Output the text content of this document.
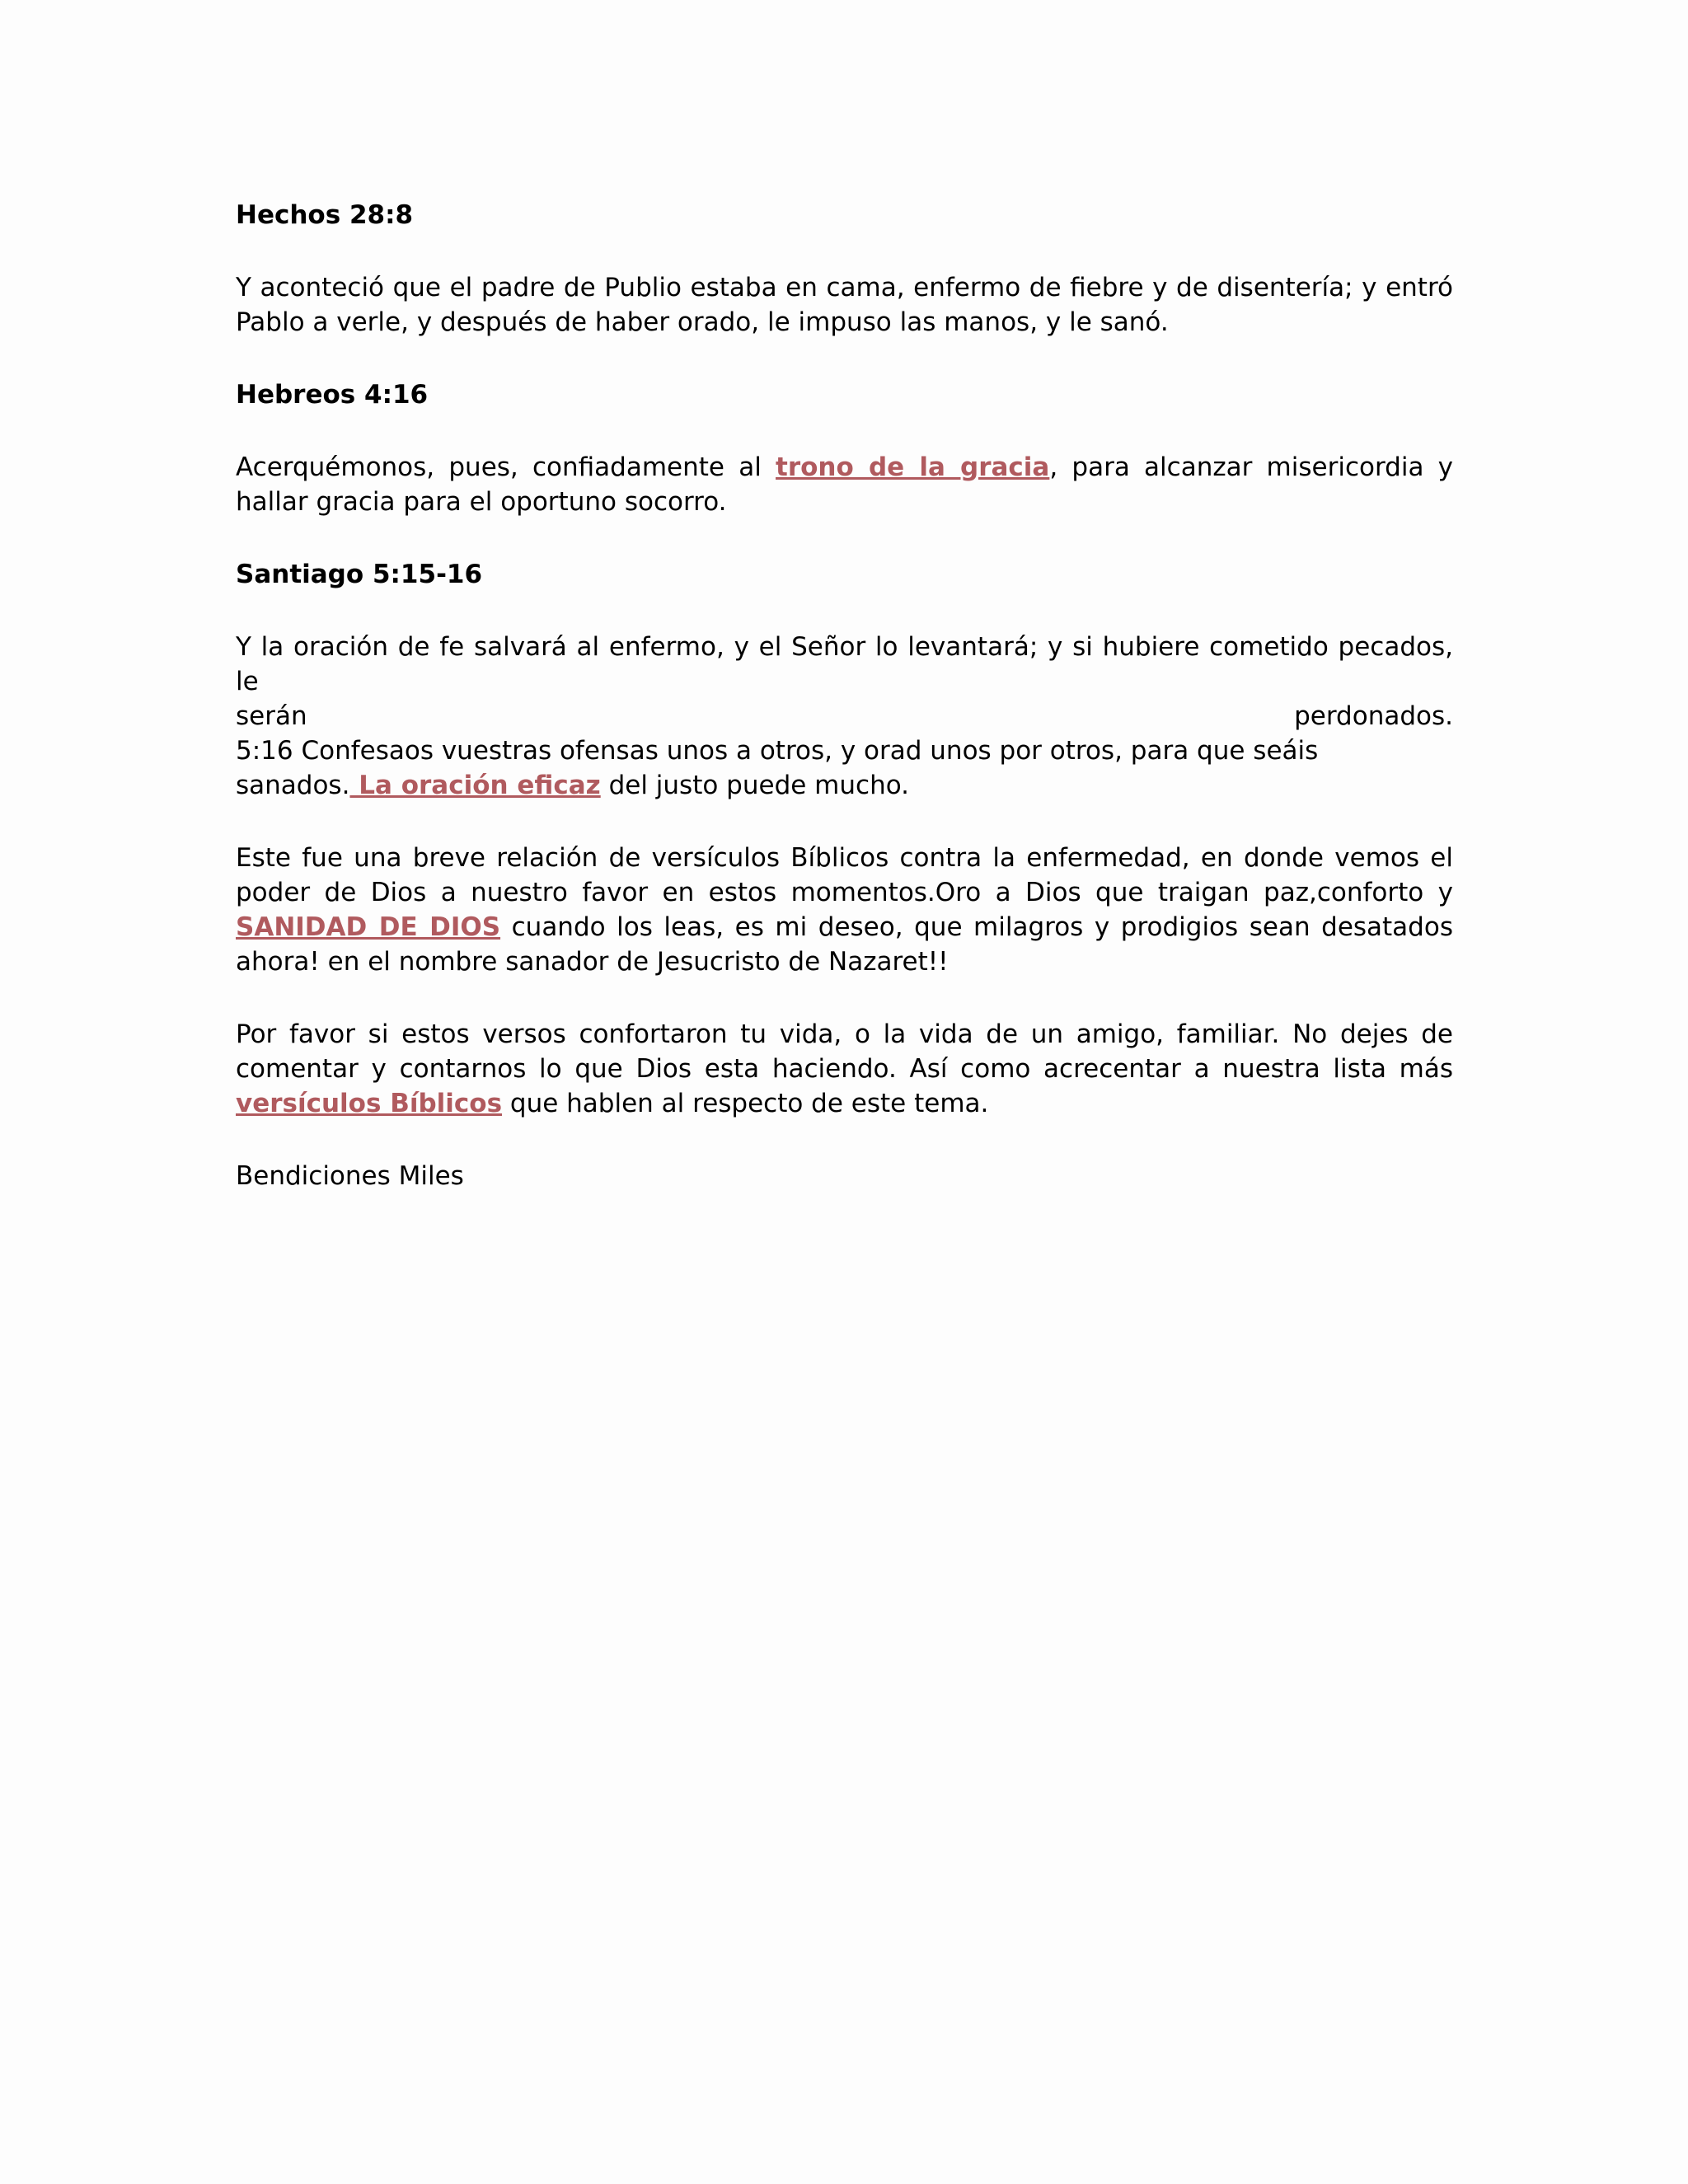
Hechos 28:8
Y aconteció que el padre de Publio estaba en cama, enfermo de fiebre y de disentería; y entró Pablo a verle, y después de haber orado, le impuso las manos, y le sanó.
Hebreos 4:16
Acerquémonos, pues, confiadamente al trono de la gracia, para alcanzar misericordia y hallar gracia para el oportuno socorro.
Santiago 5:15-16
Y la oración de fe salvará al enfermo, y el Señor lo levantará; y si hubiere cometido pecados, le
serán	perdonados.
5:16 Confesaos vuestras ofensas unos a otros, y orad unos por otros, para que seáis
sanados. La oración eficaz del justo puede mucho.
Este fue una breve relación de versículos Bíblicos contra la enfermedad, en donde vemos el poder de Dios a nuestro favor en estos momentos.Oro a Dios que traigan paz,conforto y SANIDAD DE DIOS cuando los leas, es mi deseo, que milagros y prodigios sean desatados ahora! en el nombre sanador de Jesucristo de Nazaret!!
Por favor si estos versos confortaron tu vida, o la vida de un amigo, familiar. No dejes de comentar y contarnos lo que Dios esta haciendo. Así como acrecentar a nuestra lista más versículos Bíblicos que hablen al respecto de este tema.
Bendiciones Miles
